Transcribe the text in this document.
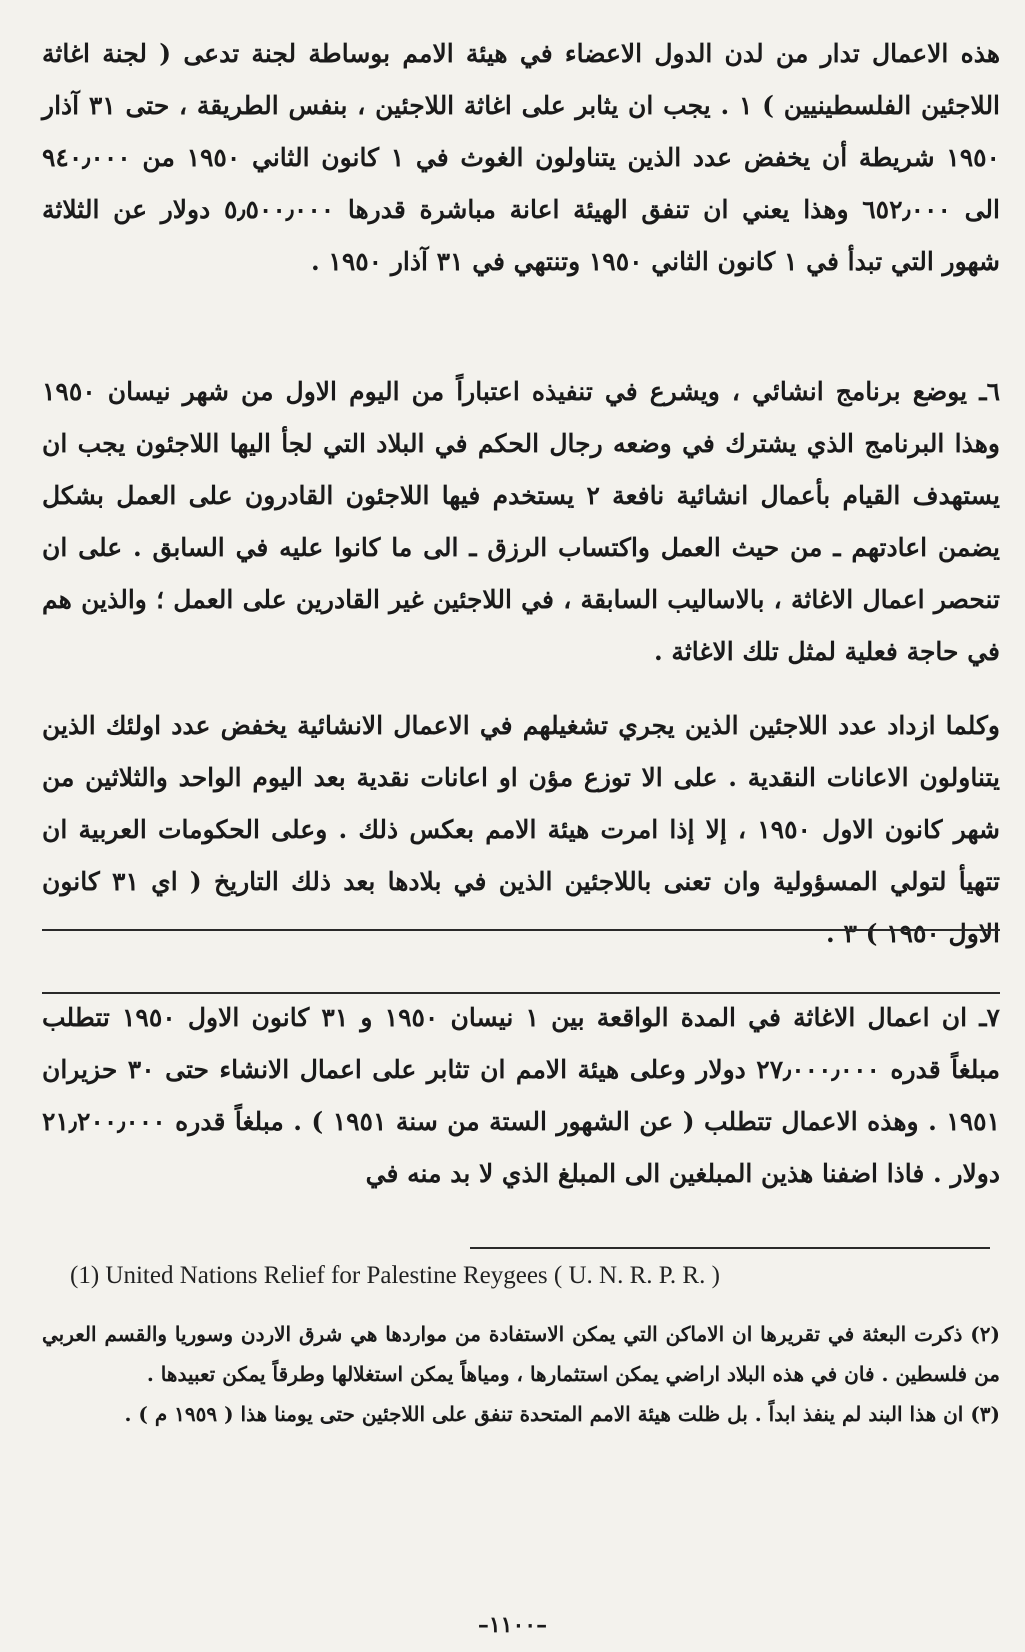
هذه الاعمال تدار من لدن الدول الاعضاء في هيئة الامم بوساطة لجنة تدعى ( لجنة اغاثة اللاجئين الفلسطينيين ) ١ . يجب ان يثابر على اغاثة اللاجئين ، بنفس الطريقة ، حتى ٣١ آذار ١٩٥٠ شريطة أن يخفض عدد الذين يتناولون الغوث في ١ كانون الثاني ١٩٥٠ من ٩٤٠٫٠٠٠ الى ٦٥٢٫٠٠٠ وهذا يعني ان تنفق الهيئة اعانة مباشرة قدرها ٥٫٥٠٠٫٠٠٠ دولار عن الثلاثة شهور التي تبدأ في ١ كانون الثاني ١٩٥٠ وتنتهي في ٣١ آذار ١٩٥٠ .

٦ـ يوضع برنامج انشائي ، ويشرع في تنفيذه اعتباراً من اليوم الاول من شهر نيسان ١٩٥٠ وهذا البرنامج الذي يشترك في وضعه رجال الحكم في البلاد التي لجأ اليها اللاجئون يجب ان يستهدف القيام بأعمال انشائية نافعة ٢ يستخدم فيها اللاجئون القادرون على العمل بشكل يضمن اعادتهم ـ من حيث العمل واكتساب الرزق ـ الى ما كانوا عليه في السابق . على ان تنحصر اعمال الاغاثة ، بالاساليب السابقة ، في اللاجئين غير القادرين على العمل ؛ والذين هم في حاجة فعلية لمثل تلك الاغاثة .

وكلما ازداد عدد اللاجئين الذين يجري تشغيلهم في الاعمال الانشائية يخفض عدد اولئك الذين يتناولون الاعانات النقدية . على الا توزع مؤن او اعانات نقدية بعد اليوم الواحد والثلاثين من شهر كانون الاول ١٩٥٠ ، إلا إذا امرت هيئة الامم بعكس ذلك . وعلى الحكومات العربية ان تتهيأ لتولي المسؤولية وان تعنى باللاجئين الذين في بلادها بعد ذلك التاريخ ( اي ٣١ كانون الاول ١٩٥٠ ) ٣ .

٧ـ ان اعمال الاغاثة في المدة الواقعة بين ١ نيسان ١٩٥٠ و ٣١ كانون الاول ١٩٥٠ تتطلب مبلغاً قدره ٢٧٫٠٠٠٫٠٠٠ دولار وعلى هيئة الامم ان تثابر على اعمال الانشاء حتى ٣٠ حزيران ١٩٥١ . وهذه الاعمال تتطلب ( عن الشهور الستة من سنة ١٩٥١ ) . مبلغاً قدره ٢١٫٢٠٠٫٠٠٠ دولار . فاذا اضفنا هذين المبلغين الى المبلغ الذي لا بد منه في

(1) United Nations Relief for Palestine Reygees ( U. N. R. P. R. )

(٢) ذكرت البعثة في تقريرها ان الاماكن التي يمكن الاستفادة من مواردها هي شرق الاردن وسوريا والقسم العربي من فلسطين . فان في هذه البلاد اراضي يمكن استثمارها ، ومياهاً يمكن استغلالها وطرقاً يمكن تعبيدها .

(٣) ان هذا البند لم ينفذ ابداً . بل ظلت هيئة الامم المتحدة تنفق على اللاجئين حتى يومنا هذا ( ١٩٥٩ م ) .

–١١٠٠–
